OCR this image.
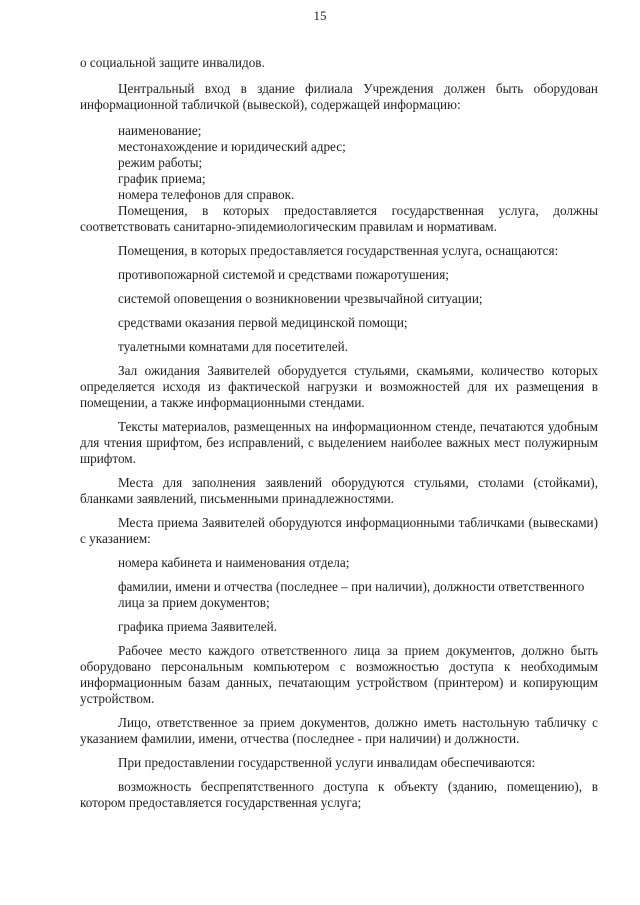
15

о социальной защите инвалидов.

Центральный вход в здание филиала Учреждения должен быть оборудован информационной табличкой (вывеской), содержащей информацию:

наименование;

местонахождение и юридический адрес;

режим работы;

график приема;

номера телефонов для справок.

Помещения, в которых предоставляется государственная услуга, должны соответствовать санитарно-эпидемиологическим правилам и нормативам.

Помещения, в которых предоставляется государственная услуга, оснащаются:

противопожарной системой и средствами пожаротушения;

системой оповещения о возникновении чрезвычайной ситуации;

средствами оказания первой медицинской помощи;

туалетными комнатами для посетителей.

Зал ожидания Заявителей оборудуется стульями, скамьями, количество которых определяется исходя из фактической нагрузки и возможностей для их размещения в помещении, а также информационными стендами.

Тексты материалов, размещенных на информационном стенде, печатаются удобным для чтения шрифтом, без исправлений, с выделением наиболее важных мест полужирным шрифтом.

Места для заполнения заявлений оборудуются стульями, столами (стойками), бланками заявлений, письменными принадлежностями.

Места приема Заявителей оборудуются информационными табличками (вывесками) с указанием:

номера кабинета и наименования отдела;

фамилии, имени и отчества (последнее – при наличии), должности ответственного лица за прием документов;

графика приема Заявителей.

Рабочее место каждого ответственного лица за прием документов, должно быть оборудовано персональным компьютером с возможностью доступа к необходимым информационным базам данных, печатающим устройством (принтером) и копирующим устройством.

Лицо, ответственное за прием документов, должно иметь настольную табличку с указанием фамилии, имени, отчества (последнее - при наличии) и должности.

При предоставлении государственной услуги инвалидам обеспечиваются:

возможность беспрепятственного доступа к объекту (зданию, помещению), в котором предоставляется государственная услуга;
